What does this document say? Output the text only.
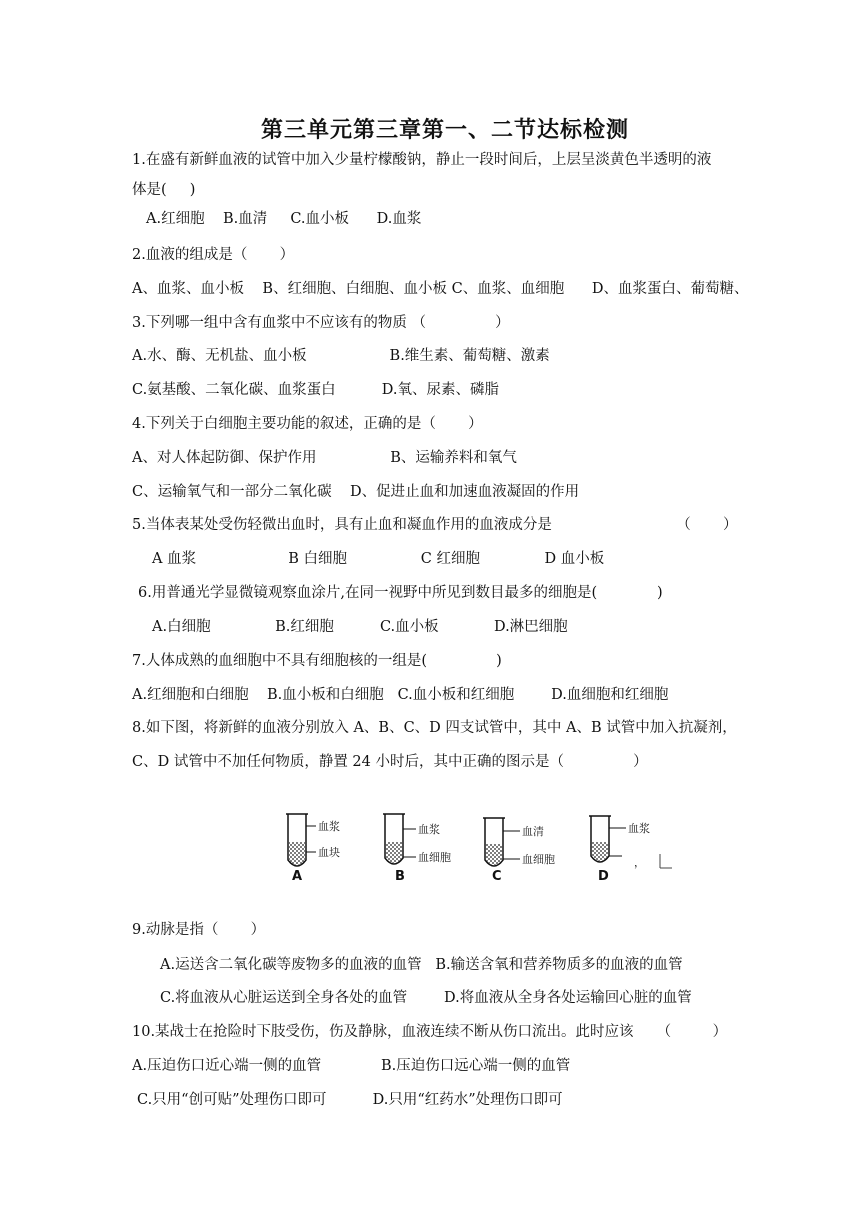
第三单元第三章第一、二节达标检测
1.在盛有新鲜血液的试管中加入少量柠檬酸钠，静止一段时间后，上层呈淡黄色半透明的液
体是(     )
A.红细胞    B.血清     C.血小板      D.血浆
2.血液的组成是（       ）
A、血浆、血小板    B、红细胞、白细胞、血小板 C、血浆、血细胞      D、血浆蛋白、葡萄糖、
3.下列哪一组中含有血浆中不应该有的物质 （               ）
A.水、酶、无机盐、血小板                  B.维生素、葡萄糖、激素
C.氨基酸、二氧化碳、血浆蛋白          D.氧、尿素、磷脂
4.下列关于白细胞主要功能的叙述，正确的是（       ）
A、对人体起防御、保护作用                B、运输养料和氧气
C、运输氧气和一部分二氧化碳    D、促进止血和加速血液凝固的作用
5.当体表某处受伤轻微出血时，具有止血和凝血作用的血液成分是                           （       ）
A 血浆                    B 白细胞                C 红细胞              D 血小板
6.用普通光学显微镜观察血涂片,在同一视野中所见到数目最多的细胞是(             )
A.白细胞              B.红细胞          C.血小板            D.淋巴细胞
7.人体成熟的血细胞中不具有细胞核的一组是(               )
A.红细胞和白细胞    B.血小板和白细胞   C.血小板和红细胞        D.血细胞和红细胞
8.如下图，将新鲜的血液分别放入 A、B、C、D 四支试管中，其中 A、B 试管中加入抗凝剂，
C、D 试管中不加任何物质，静置 24 小时后，其中正确的图示是（               ）
血浆
血块
A
血浆
血细胞
B
血清
血细胞
C
血浆
，
D
9.动脉是指（       ）
A.运送含二氧化碳等废物多的血液的血管   B.输送含氧和营养物质多的血液的血管
C.将血液从心脏运送到全身各处的血管        D.将血液从全身各处运输回心脏的血管
10.某战士在抢险时下肢受伤，伤及静脉，血液连续不断从伤口流出。此时应该     （         ）
A.压迫伤口近心端一侧的血管             B.压迫伤口远心端一侧的血管
C.只用“创可贴”处理伤口即可          D.只用“红药水”处理伤口即可
